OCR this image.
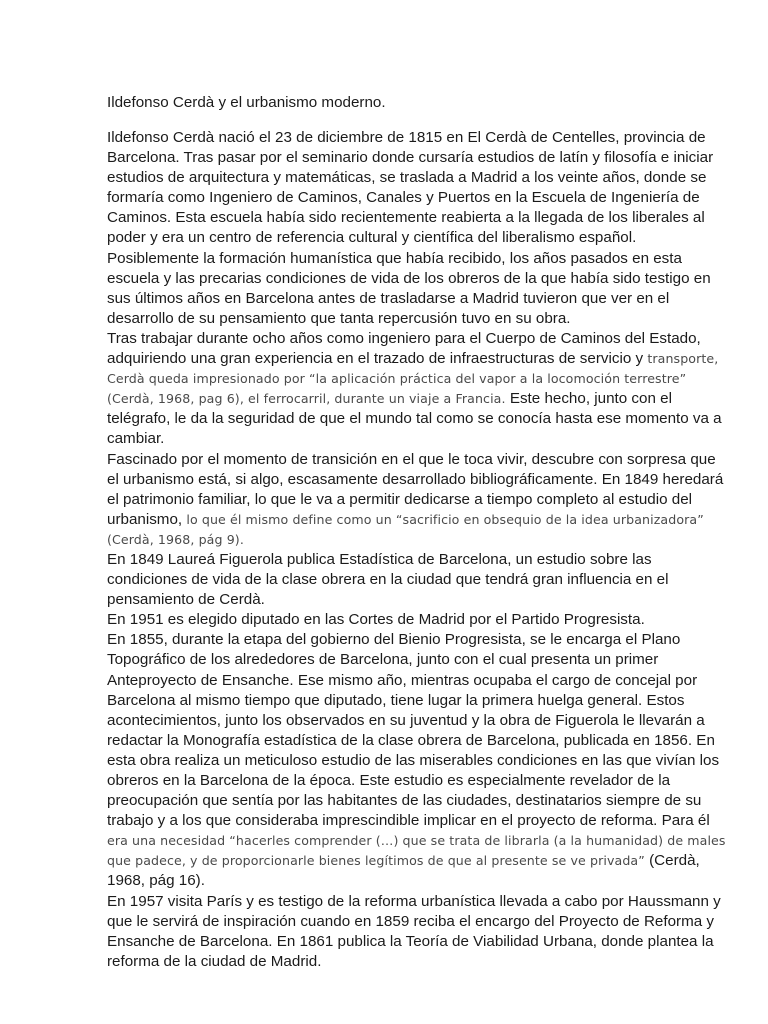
Ildefonso Cerdà y el urbanismo moderno.

Ildefonso Cerdà nació el 23 de diciembre de 1815 en El Cerdà de Centelles, provincia de Barcelona. Tras pasar por el seminario donde cursaría estudios de latín y filosofía e iniciar estudios de arquitectura y matemáticas, se traslada a Madrid a los veinte años, donde se formaría como Ingeniero de Caminos, Canales y Puertos en la Escuela de Ingeniería de Caminos. Esta escuela había sido recientemente reabierta a la llegada de los liberales al poder y era un centro de referencia cultural y científica del liberalismo español.

Posiblemente la formación humanística que había recibido, los años pasados en esta escuela y las precarias condiciones de vida de los obreros de la que había sido testigo en sus últimos años en Barcelona antes de trasladarse a Madrid tuvieron que ver en el desarrollo de su pensamiento que tanta repercusión tuvo en su obra.

Tras trabajar durante ocho años como ingeniero para el Cuerpo de Caminos del Estado, adquiriendo una gran experiencia en el trazado de infraestructuras de servicio y transporte, Cerdà queda impresionado por “la aplicación práctica del vapor a la locomoción terrestre” (Cerdà, 1968, pag 6), el ferrocarril, durante un viaje a Francia. Este hecho, junto con el telégrafo, le da la seguridad de que el mundo tal como se conocía hasta ese momento va a cambiar.

Fascinado por el momento de transición en el que le toca vivir, descubre con sorpresa que el urbanismo está, si algo, escasamente desarrollado bibliográficamente. En 1849 heredará el patrimonio familiar, lo que le va a permitir dedicarse a tiempo completo al estudio del urbanismo, lo que él mismo define como un “sacrificio en obsequio de la idea urbanizadora” (Cerdà, 1968, pág 9).

En 1849 Laureá Figuerola publica Estadística de Barcelona, un estudio sobre las condiciones de vida de la clase obrera en la ciudad que tendrá gran influencia en el pensamiento de Cerdà.

En 1951 es elegido diputado en las Cortes de Madrid por el Partido Progresista.

En 1855, durante la etapa del gobierno del Bienio Progresista, se le encarga el Plano Topográfico de los alrededores de Barcelona, junto con el cual presenta un primer Anteproyecto de Ensanche. Ese mismo año, mientras ocupaba el cargo de concejal por Barcelona al mismo tiempo que diputado, tiene lugar la primera huelga general. Estos acontecimientos, junto los observados en su juventud y la obra de Figuerola le llevarán a redactar la Monografía estadística de la clase obrera de Barcelona, publicada en 1856. En esta obra realiza un meticuloso estudio de las miserables condiciones en las que vivían los obreros en la Barcelona de la época. Este estudio es especialmente revelador de la preocupación que sentía por las habitantes de las ciudades, destinatarios siempre de su trabajo y a los que consideraba imprescindible implicar en el proyecto de reforma. Para él era una necesidad “hacerles comprender (…) que se trata de librarla (a la humanidad) de males que padece, y de proporcionarle bienes legítimos de que al presente se ve privada” (Cerdà, 1968, pág 16).

En 1957 visita París y es testigo de la reforma urbanística llevada a cabo por Haussmann y que le servirá de inspiración cuando en 1859 reciba el encargo del Proyecto de Reforma y Ensanche de Barcelona. En 1861 publica la Teoría de Viabilidad Urbana, donde plantea la reforma de la ciudad de Madrid.
